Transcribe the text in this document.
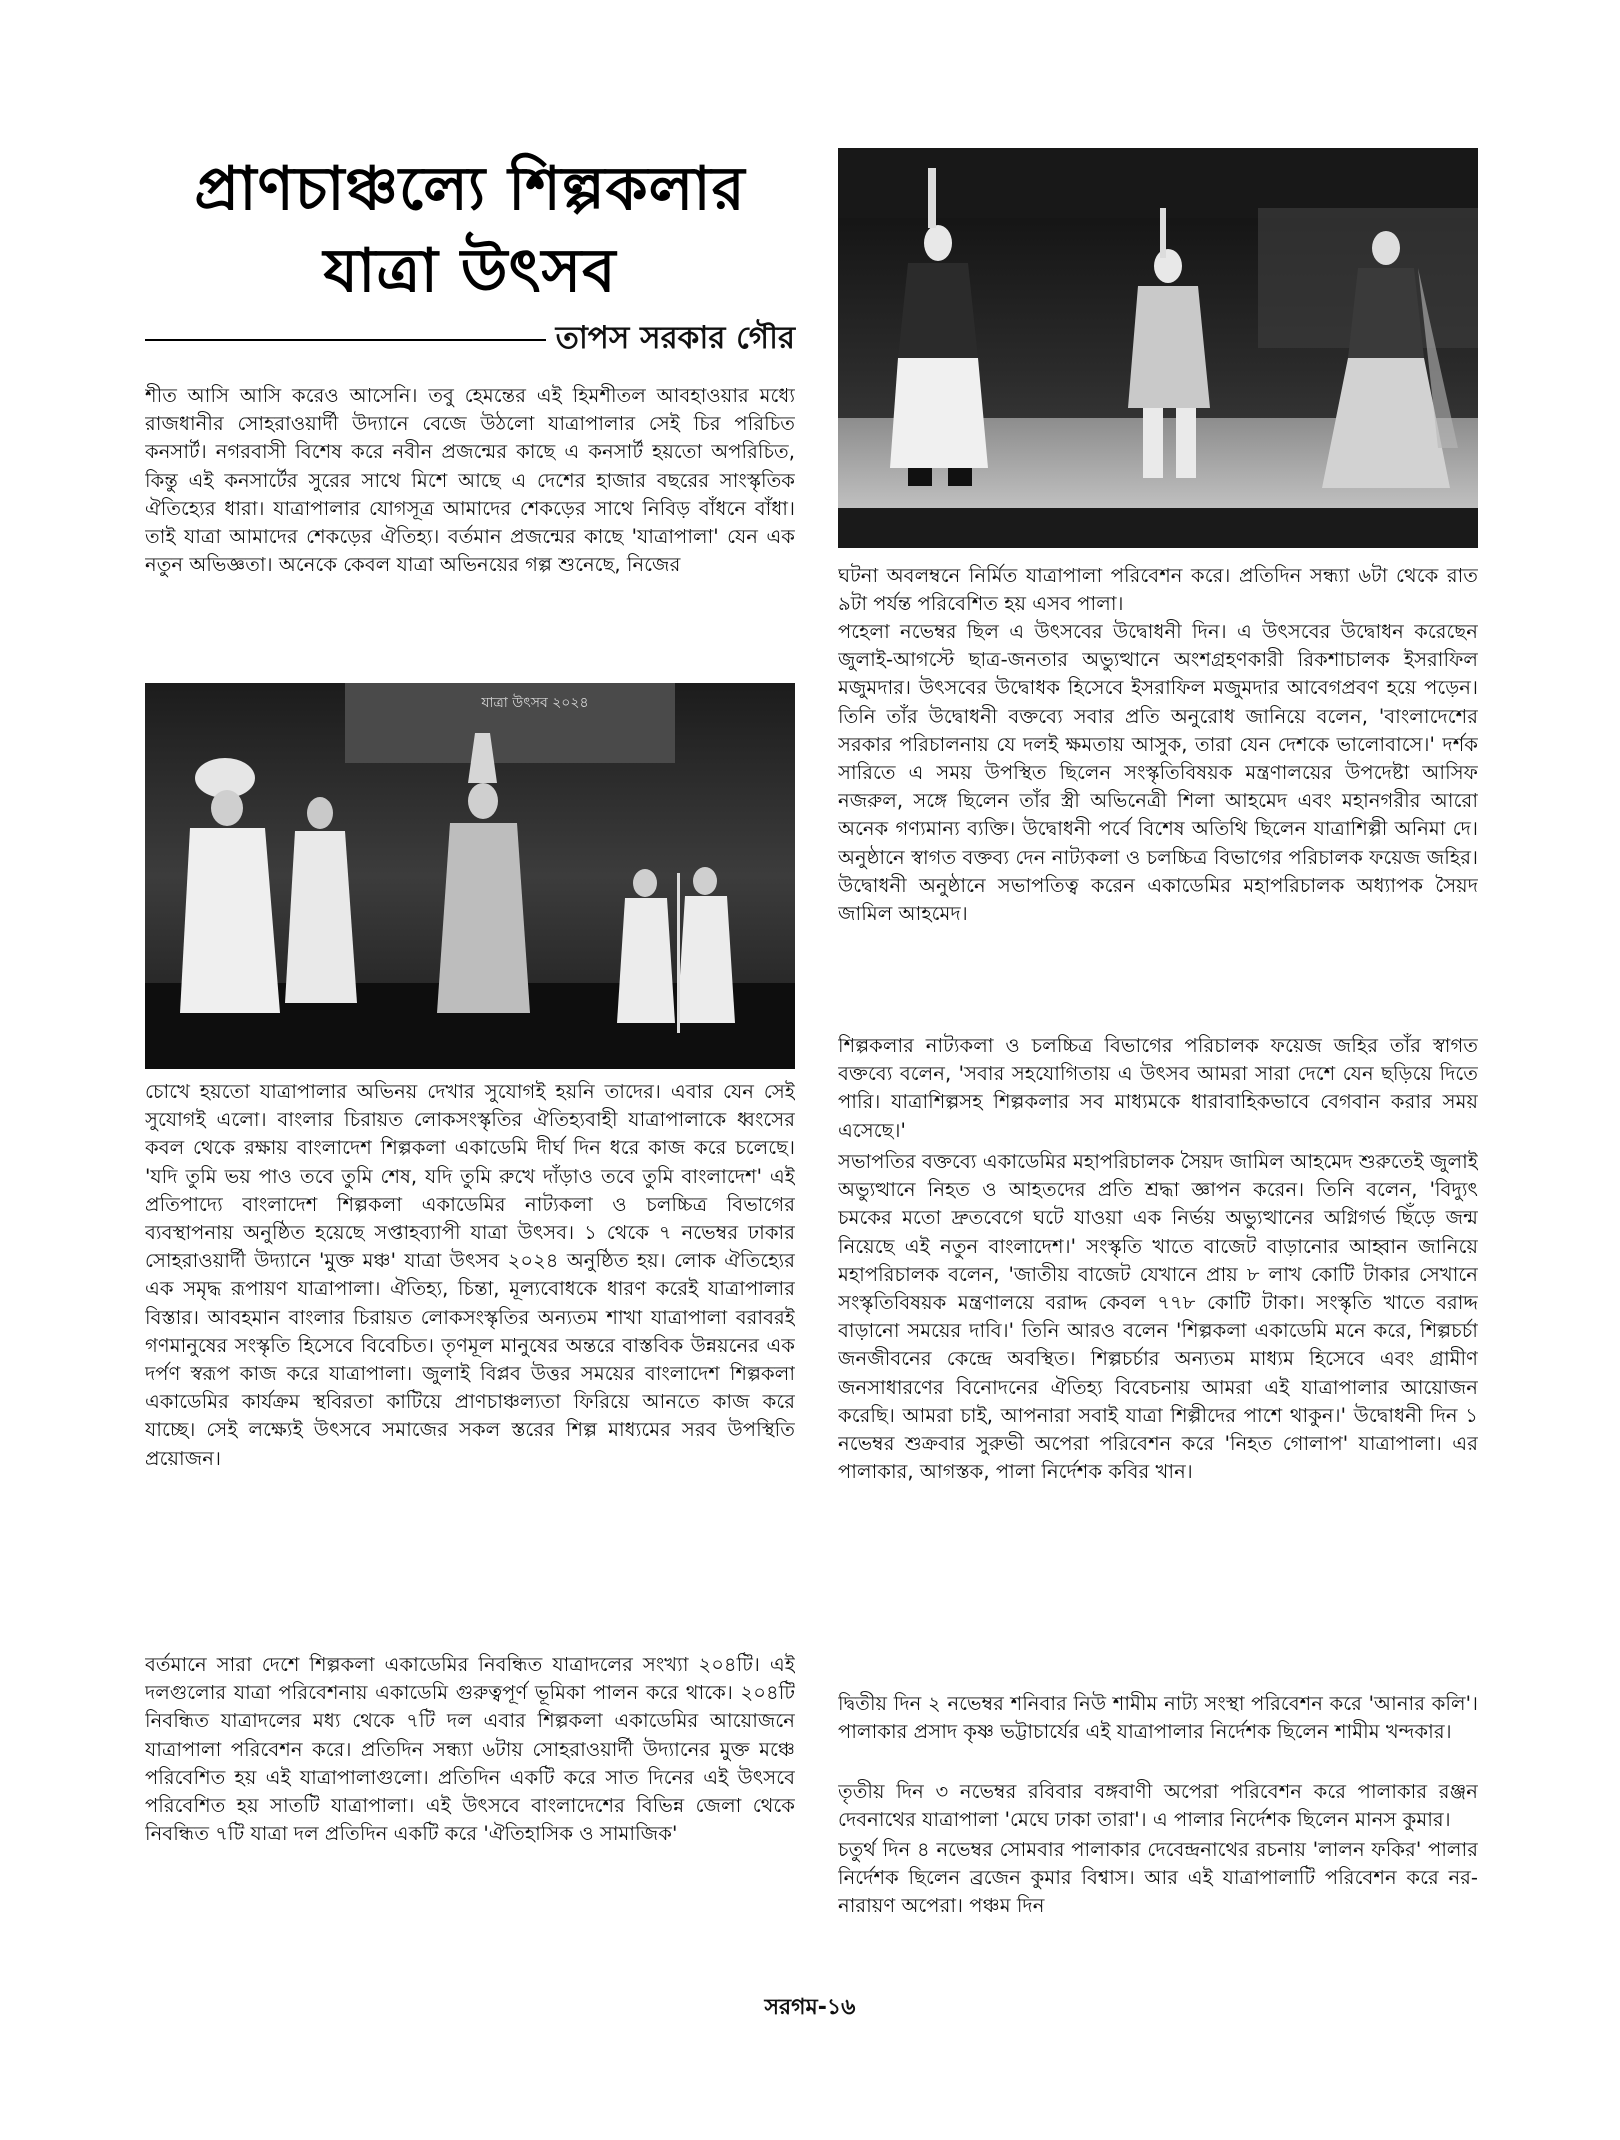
প্রাণচাঞ্চল্যে শিল্পকলার
যাত্রা উৎসব
তাপস সরকার গৌর
যাত্রা উৎসব ২০২৪

শীত আসি আসি করেও আসেনি। তবু হেমন্তের এই হিমশীতল আবহাওয়ার মধ্যে রাজধানীর সোহরাওয়ার্দী উদ্যানে বেজে উঠলো যাত্রাপালার সেই চির পরিচিত কনসার্ট। নগরবাসী বিশেষ করে নবীন প্রজন্মের কাছে এ কনসার্ট হয়তো অপরিচিত, কিন্তু এই কনসার্টের সুরের সাথে মিশে আছে এ দেশের হাজার বছরের সাংস্কৃতিক ঐতিহ্যের ধারা। যাত্রাপালার যোগসূত্র আমাদের শেকড়ের সাথে নিবিড় বাঁধনে বাঁধা। তাই যাত্রা আমাদের শেকড়ের ঐতিহ্য। বর্তমান প্রজন্মের কাছে 'যাত্রাপালা' যেন এক নতুন অভিজ্ঞতা। অনেকে কেবল যাত্রা অভিনয়ের গল্প শুনেছে, নিজের

চোখে হয়তো যাত্রাপালার অভিনয় দেখার সুযোগই হয়নি তাদের। এবার যেন সেই সুযোগই এলো। বাংলার চিরায়ত লোকসংস্কৃতির ঐতিহ্যবাহী যাত্রাপালাকে ধ্বংসের কবল থেকে রক্ষায় বাংলাদেশ শিল্পকলা একাডেমি দীর্ঘ দিন ধরে কাজ করে চলেছে। 'যদি তুমি ভয় পাও তবে তুমি শেষ, যদি তুমি রুখে দাঁড়াও তবে তুমি বাংলাদেশ' এই প্রতিপাদ্যে বাংলাদেশ শিল্পকলা একাডেমির নাট্যকলা ও চলচ্চিত্র বিভাগের ব্যবস্থাপনায় অনুষ্ঠিত হয়েছে সপ্তাহব্যাপী যাত্রা উৎসব। ১ থেকে ৭ নভেম্বর ঢাকার সোহরাওয়ার্দী উদ্যানে 'মুক্ত মঞ্চ' যাত্রা উৎসব ২০২৪ অনুষ্ঠিত হয়। লোক ঐতিহ্যের এক সমৃদ্ধ রূপায়ণ যাত্রাপালা। ঐতিহ্য, চিন্তা, মূল্যবোধকে ধারণ করেই যাত্রাপালার বিস্তার। আবহমান বাংলার চিরায়ত লোকসংস্কৃতির অন্যতম শাখা যাত্রাপালা বরাবরই গণমানুষের সংস্কৃতি হিসেবে বিবেচিত। তৃণমূল মানুষের অন্তরে বাস্তবিক উন্নয়নের এক দর্পণ স্বরূপ কাজ করে যাত্রাপালা। জুলাই বিপ্লব উত্তর সময়ের বাংলাদেশ শিল্পকলা একাডেমির কার্যক্রম স্থবিরতা কাটিয়ে প্রাণচাঞ্চল্যতা ফিরিয়ে আনতে কাজ করে যাচ্ছে। সেই লক্ষ্যেই উৎসবে সমাজের সকল স্তরের শিল্প মাধ্যমের সরব উপস্থিতি প্রয়োজন।

বর্তমানে সারা দেশে শিল্পকলা একাডেমির নিবন্ধিত যাত্রাদলের সংখ্যা ২০৪টি। এই দলগুলোর যাত্রা পরিবেশনায় একাডেমি গুরুত্বপূর্ণ ভূমিকা পালন করে থাকে। ২০৪টি নিবন্ধিত যাত্রাদলের মধ্য থেকে ৭টি দল এবার শিল্পকলা একাডেমির আয়োজনে যাত্রাপালা পরিবেশন করে। প্রতিদিন সন্ধ্যা ৬টায় সোহরাওয়ার্দী উদ্যানের মুক্ত মঞ্চে পরিবেশিত হয় এই যাত্রাপালাগুলো। প্রতিদিন একটি করে সাত দিনের এই উৎসবে পরিবেশিত হয় সাতটি যাত্রাপালা। এই উৎসবে বাংলাদেশের বিভিন্ন জেলা থেকে নিবন্ধিত ৭টি যাত্রা দল প্রতিদিন একটি করে 'ঐতিহাসিক ও সামাজিক'

ঘটনা অবলম্বনে নির্মিত যাত্রাপালা পরিবেশন করে। প্রতিদিন সন্ধ্যা ৬টা থেকে রাত ৯টা পর্যন্ত পরিবেশিত হয় এসব পালা।

পহেলা নভেম্বর ছিল এ উৎসবের উদ্বোধনী দিন। এ উৎসবের উদ্বোধন করেছেন জুলাই-আগস্টে ছাত্র-জনতার অভ্যুত্থানে অংশগ্রহণকারী রিকশাচালক ইসরাফিল মজুমদার। উৎসবের উদ্বোধক হিসেবে ইসরাফিল মজুমদার আবেগপ্রবণ হয়ে পড়েন। তিনি তাঁর উদ্বোধনী বক্তব্যে সবার প্রতি অনুরোধ জানিয়ে বলেন, 'বাংলাদেশের সরকার পরিচালনায় যে দলই ক্ষমতায় আসুক, তারা যেন দেশকে ভালোবাসে।' দর্শক সারিতে এ সময় উপস্থিত ছিলেন সংস্কৃতিবিষয়ক মন্ত্রণালয়ের উপদেষ্টা আসিফ নজরুল, সঙ্গে ছিলেন তাঁর স্ত্রী অভিনেত্রী শিলা আহমেদ এবং মহানগরীর আরো অনেক গণ্যমান্য ব্যক্তি। উদ্বোধনী পর্বে বিশেষ অতিথি ছিলেন যাত্রাশিল্পী অনিমা দে। অনুষ্ঠানে স্বাগত বক্তব্য দেন নাট্যকলা ও চলচ্চিত্র বিভাগের পরিচালক ফয়েজ জহির। উদ্বোধনী অনুষ্ঠানে সভাপতিত্ব করেন একাডেমির মহাপরিচালক অধ্যাপক সৈয়দ জামিল আহমেদ।

শিল্পকলার নাট্যকলা ও চলচ্চিত্র বিভাগের পরিচালক ফয়েজ জহির তাঁর স্বাগত বক্তব্যে বলেন, 'সবার সহযোগিতায় এ উৎসব আমরা সারা দেশে যেন ছড়িয়ে দিতে পারি। যাত্রাশিল্পসহ শিল্পকলার সব মাধ্যমকে ধারাবাহিকভাবে বেগবান করার সময় এসেছে।'

সভাপতির বক্তব্যে একাডেমির মহাপরিচালক সৈয়দ জামিল আহমেদ শুরুতেই জুলাই অভ্যুত্থানে নিহত ও আহতদের প্রতি শ্রদ্ধা জ্ঞাপন করেন। তিনি বলেন, 'বিদ্যুৎ চমকের মতো দ্রুতবেগে ঘটে যাওয়া এক নির্ভয় অভ্যুত্থানের অগ্নিগর্ভ ছিঁড়ে জন্ম নিয়েছে এই নতুন বাংলাদেশ।' সংস্কৃতি খাতে বাজেট বাড়ানোর আহ্বান জানিয়ে মহাপরিচালক বলেন, 'জাতীয় বাজেট যেখানে প্রায় ৮ লাখ কোটি টাকার সেখানে সংস্কৃতিবিষয়ক মন্ত্রণালয়ে বরাদ্দ কেবল ৭৭৮ কোটি টাকা। সংস্কৃতি খাতে বরাদ্দ বাড়ানো সময়ের দাবি।' তিনি আরও বলেন 'শিল্পকলা একাডেমি মনে করে, শিল্পচর্চা জনজীবনের কেন্দ্রে অবস্থিত। শিল্পচর্চার অন্যতম মাধ্যম হিসেবে এবং গ্রামীণ জনসাধারণের বিনোদনের ঐতিহ্য বিবেচনায় আমরা এই যাত্রাপালার আয়োজন করেছি। আমরা চাই, আপনারা সবাই যাত্রা শিল্পীদের পাশে থাকুন।' উদ্বোধনী দিন ১ নভেম্বর শুক্রবার সুরুভী অপেরা পরিবেশন করে 'নিহত গোলাপ' যাত্রাপালা। এর পালাকার, আগস্তক, পালা নির্দেশক কবির খান।

দ্বিতীয় দিন ২ নভেম্বর শনিবার নিউ শামীম নাট্য সংস্থা পরিবেশন করে 'আনার কলি'। পালাকার প্রসাদ কৃষ্ণ ভট্টাচার্যের এই যাত্রাপালার নির্দেশক ছিলেন শামীম খন্দকার।

তৃতীয় দিন ৩ নভেম্বর রবিবার বঙ্গবাণী অপেরা পরিবেশন করে পালাকার রঞ্জন দেবনাথের যাত্রাপালা 'মেঘে ঢাকা তারা'। এ পালার নির্দেশক ছিলেন মানস কুমার।

চতুর্থ দিন ৪ নভেম্বর সোমবার পালাকার দেবেন্দ্রনাথের রচনায় 'লালন ফকির' পালার নির্দেশক ছিলেন ব্রজেন কুমার বিশ্বাস। আর এই যাত্রাপালাটি পরিবেশন করে নর-নারায়ণ অপেরা। পঞ্চম দিন

সরগম-১৬
